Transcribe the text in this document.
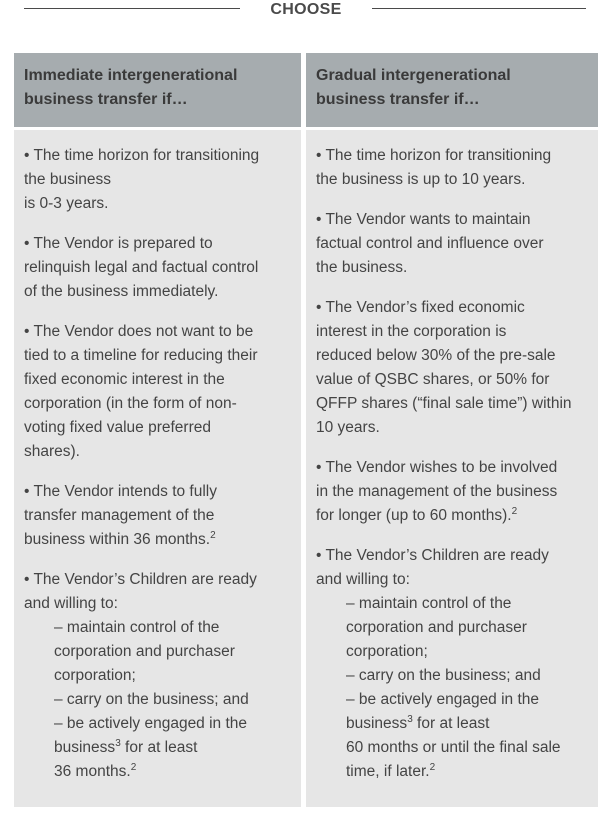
CHOOSE
Immediate intergenerational
business transfer if…
• The time horizon for transitioning
the business
is 0-3 years.
• The Vendor is prepared to
relinquish legal and factual control
of the business immediately.
• The Vendor does not want to be
tied to a timeline for reducing their
fixed economic interest in the
corporation (in the form of non-
voting fixed value preferred
shares).
• The Vendor intends to fully
transfer management of the
business within 36 months.$^2$
• The Vendor’s Children are ready
and willing to:
– maintain control of the
corporation and purchaser
corporation;
– carry on the business; and
– be actively engaged in the
business$^3$ for at least
36 months.$^2$
Gradual intergenerational
business transfer if…
• The time horizon for transitioning
the business is up to 10 years.
• The Vendor wants to maintain
factual control and influence over
the business.
• The Vendor’s fixed economic
interest in the corporation is
reduced below 30% of the pre-sale
value of QSBC shares, or 50% for
QFFP shares (“final sale time”) within
10 years.
• The Vendor wishes to be involved
in the management of the business
for longer (up to 60 months).$^2$
• The Vendor’s Children are ready
and willing to:
– maintain control of the
corporation and purchaser
corporation;
– carry on the business; and
– be actively engaged in the
business$^3$ for at least
60 months or until the final sale
time, if later.$^2$
